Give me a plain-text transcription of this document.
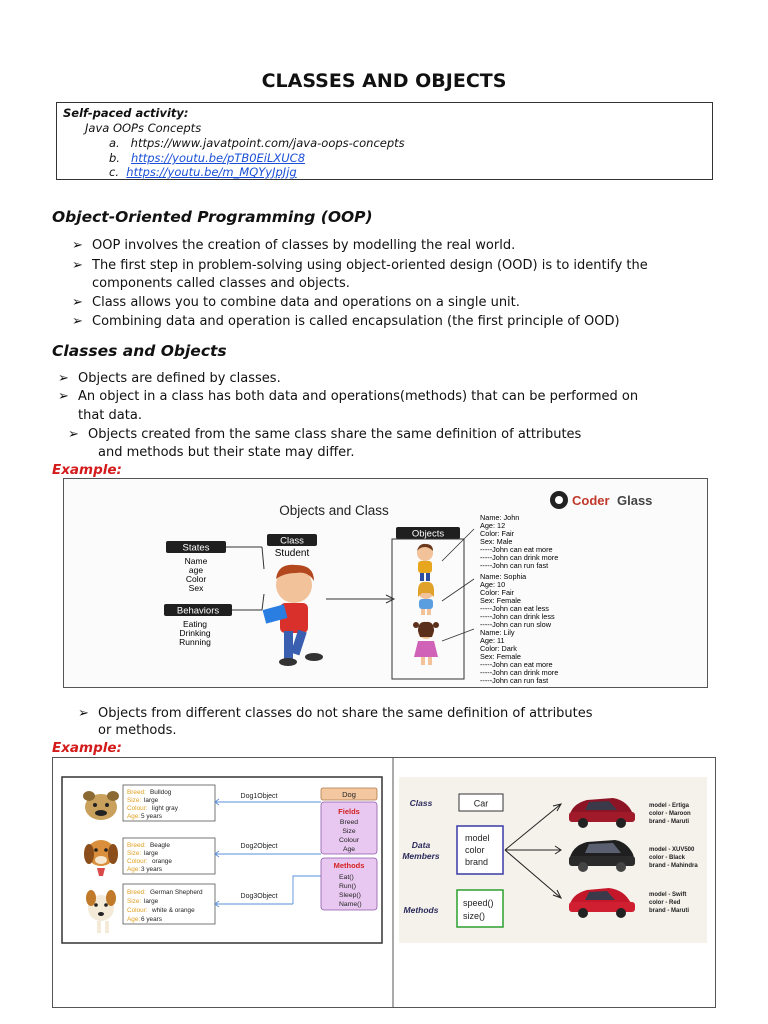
CLASSES AND OBJECTS
Self-paced activity:
Java OOPs Concepts
a. https://www.javatpoint.com/java-oops-concepts
b. https://youtu.be/pTB0EiLXUC8
c. https://youtu.be/m_MQYyJpJjg
Object-Oriented Programming (OOP)
➢ OOP involves the creation of classes by modelling the real world.
➢ The first step in problem-solving using object-oriented design (OOD) is to identify the
components called classes and objects.
➢ Class allows you to combine data and operations on a single unit.
➢ Combining data and operation is called encapsulation (the first principle of OOD)
Classes and Objects
➢ Objects are defined by classes.
➢ An object in a class has both data and operations(methods) that can be performed on
that data.
➢ Objects created from the same class share the same definition of attributes
and methods but their state may differ.
Example:
Objects and Class
Coder Glass
States
Name
age
Color
Sex
Behaviors
Eating
Drinking
Running
Class
Student
Objects
Name: John
Age: 12
Color: Fair
Sex: Male
-----John can eat more
-----John can drink more
-----John can run fast
Name: Sophia
Age: 10
Color: Fair
Sex: Female
-----John can eat less
-----John can drink less
-----John can run slow
Name: Lily
Age: 11
Color: Dark
Sex: Female
-----John can eat more
-----John can drink more
-----John can run fast
➢ Objects from different classes do not share the same definition of attributes
or methods.
Example:
Breed: Bulldog
Size: large
Colour: light gray
Age: 5 years
Breed: Beagle
Size: large
Colour: orange
Age: 3 years
Breed: German Shepherd
Size: large
Colour: white & orange
Age: 6 years
Dog1Object
Dog2Object
Dog3Object
Dog
Fields
Breed
Size
Colour
Age
Methods
Eat()
Run()
Sleep()
Name()
Class
Data
Members
Methods
Car
model
color
brand
speed()
size()
model - Ertiga
color - Maroon
brand - Maruti
model - XUV500
color - Black
brand - Mahindra
model - Swift
color - Red
brand - Maruti
